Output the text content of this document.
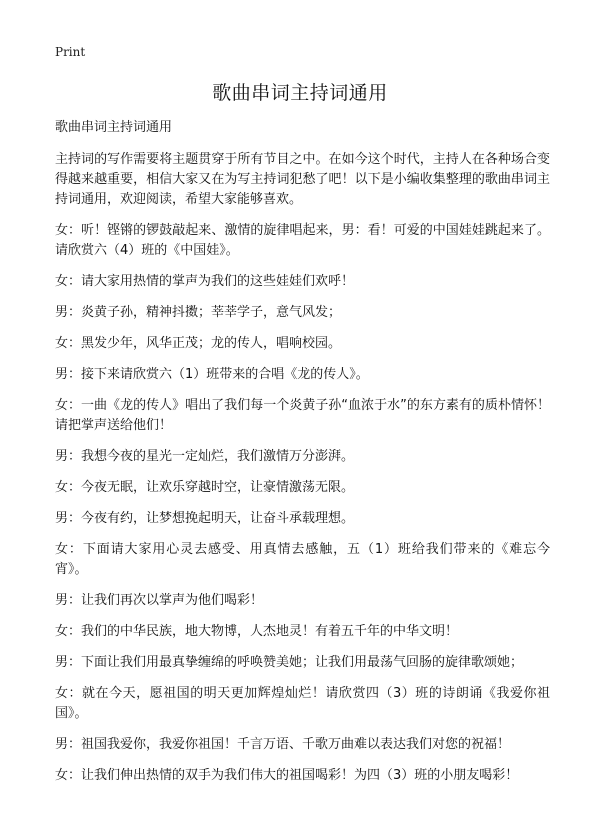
Print
歌曲串词主持词通用

歌曲串词主持词通用

主持词的写作需要将主题贯穿于所有节目之中。在如今这个时代，主持人在各种场合变得越来越重要，相信大家又在为写主持词犯愁了吧！以下是小编收集整理的歌曲串词主持词通用，欢迎阅读，希望大家能够喜欢。

女：听！铿锵的锣鼓敲起来、激情的旋律唱起来，男：看！可爱的中国娃娃跳起来了。请欣赏六（4）班的《中国娃》。

女：请大家用热情的掌声为我们的这些娃娃们欢呼！

男：炎黄子孙，精神抖擞；莘莘学子，意气风发；

女：黑发少年，风华正茂；龙的传人，唱响校园。

男：接下来请欣赏六（1）班带来的合唱《龙的传人》。

女：一曲《龙的传人》唱出了我们每一个炎黄子孙“血浓于水”的东方素有的质朴情怀！请把掌声送给他们！

男：我想今夜的星光一定灿烂，我们激情万分澎湃。

女：今夜无眠，让欢乐穿越时空，让豪情激荡无限。

男：今夜有约，让梦想挽起明天，让奋斗承载理想。

女：下面请大家用心灵去感受、用真情去感触，五（1）班给我们带来的《难忘今宵》。

男：让我们再次以掌声为他们喝彩！

女：我们的中华民族，地大物博，人杰地灵！有着五千年的中华文明！

男：下面让我们用最真挚缠绵的呼唤赞美她；让我们用最荡气回肠的旋律歌颂她；

女：就在今天，愿祖国的明天更加辉煌灿烂！请欣赏四（3）班的诗朗诵《我爱你祖国》。

男：祖国我爱你，我爱你祖国！千言万语、千歌万曲难以表达我们对您的祝福！

女：让我们伸出热情的双手为我们伟大的祖国喝彩！为四（3）班的小朋友喝彩！
